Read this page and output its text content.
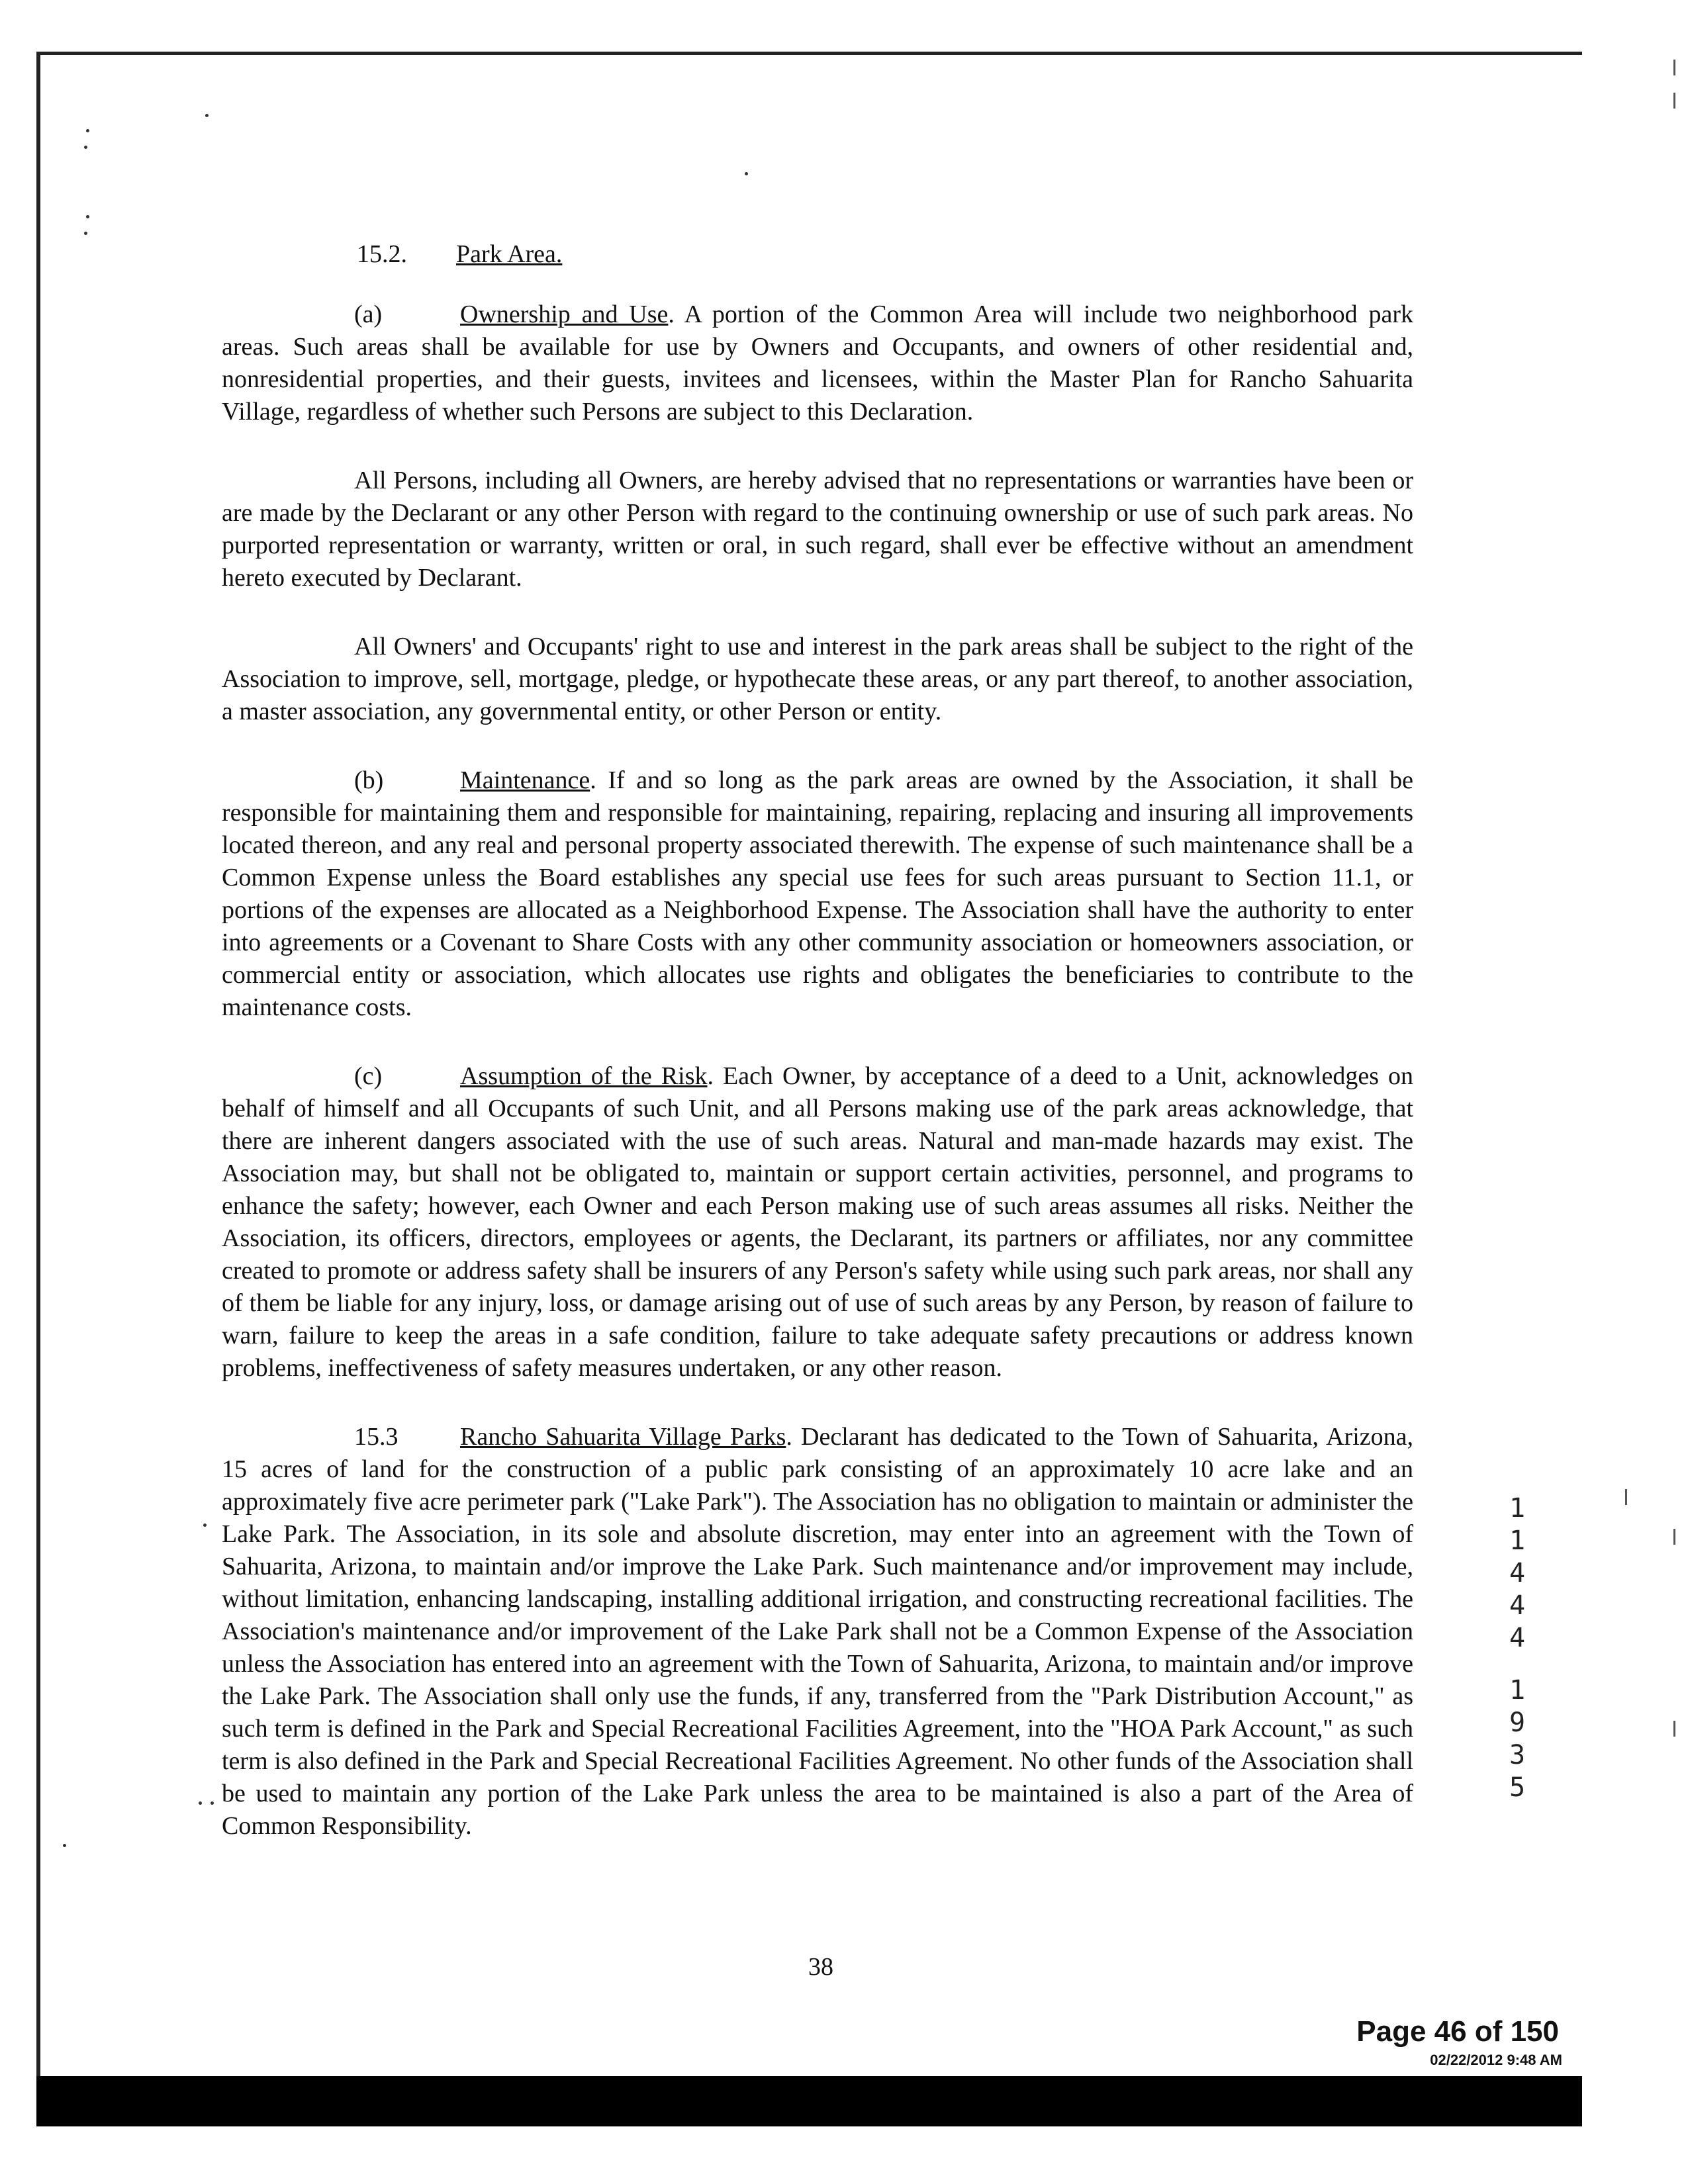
15.2. Park Area.

(a)	Ownership and Use. A portion of the Common Area will include two neighborhood park areas. Such areas shall be available for use by Owners and Occupants, and owners of other residential and, nonresidential properties, and their guests, invitees and licensees, within the Master Plan for Rancho Sahuarita Village, regardless of whether such Persons are subject to this Declaration.

All Persons, including all Owners, are hereby advised that no representations or warranties have been or are made by the Declarant or any other Person with regard to the continuing ownership or use of such park areas. No purported representation or warranty, written or oral, in such regard, shall ever be effective without an amendment hereto executed by Declarant.

All Owners' and Occupants' right to use and interest in the park areas shall be subject to the right of the Association to improve, sell, mortgage, pledge, or hypothecate these areas, or any part thereof, to another association, a master association, any governmental entity, or other Person or entity.

(b)	Maintenance. If and so long as the park areas are owned by the Association, it shall be responsible for maintaining them and responsible for maintaining, repairing, replacing and insuring all improvements located thereon, and any real and personal property associated therewith. The expense of such maintenance shall be a Common Expense unless the Board establishes any special use fees for such areas pursuant to Section 11.1, or portions of the expenses are allocated as a Neighborhood Expense. The Association shall have the authority to enter into agreements or a Covenant to Share Costs with any other community association or homeowners association, or commercial entity or association, which allocates use rights and obligates the beneficiaries to contribute to the maintenance costs.

(c)	Assumption of the Risk. Each Owner, by acceptance of a deed to a Unit, acknowledges on behalf of himself and all Occupants of such Unit, and all Persons making use of the park areas acknowledge, that there are inherent dangers associated with the use of such areas. Natural and man-made hazards may exist. The Association may, but shall not be obligated to, maintain or support certain activities, personnel, and programs to enhance the safety; however, each Owner and each Person making use of such areas assumes all risks. Neither the Association, its officers, directors, employees or agents, the Declarant, its partners or affiliates, nor any committee created to promote or address safety shall be insurers of any Person's safety while using such park areas, nor shall any of them be liable for any injury, loss, or damage arising out of use of such areas by any Person, by reason of failure to warn, failure to keep the areas in a safe condition, failure to take adequate safety precautions or address known problems, ineffectiveness of safety measures undertaken, or any other reason.

15.3 Rancho Sahuarita Village Parks. Declarant has dedicated to the Town of Sahuarita, Arizona, 15 acres of land for the construction of a public park consisting of an approximately 10 acre lake and an approximately five acre perimeter park ("Lake Park"). The Association has no obligation to maintain or administer the Lake Park. The Association, in its sole and absolute discretion, may enter into an agreement with the Town of Sahuarita, Arizona, to maintain and/or improve the Lake Park. Such maintenance and/or improvement may include, without limitation, enhancing landscaping, installing additional irrigation, and constructing recreational facilities. The Association's maintenance and/or improvement of the Lake Park shall not be a Common Expense of the Association unless the Association has entered into an agreement with the Town of Sahuarita, Arizona, to maintain and/or improve the Lake Park. The Association shall only use the funds, if any, transferred from the "Park Distribution Account," as such term is defined in the Park and Special Recreational Facilities Agreement, into the "HOA Park Account," as such term is also defined in the Park and Special Recreational Facilities Agreement. No other funds of the Association shall be used to maintain any portion of the Lake Park unless the area to be maintained is also a part of the Area of Common Responsibility.

1
1
4
4
4
1
9
3
5
38
Page 46 of 150
02/22/2012 9:48 AM
